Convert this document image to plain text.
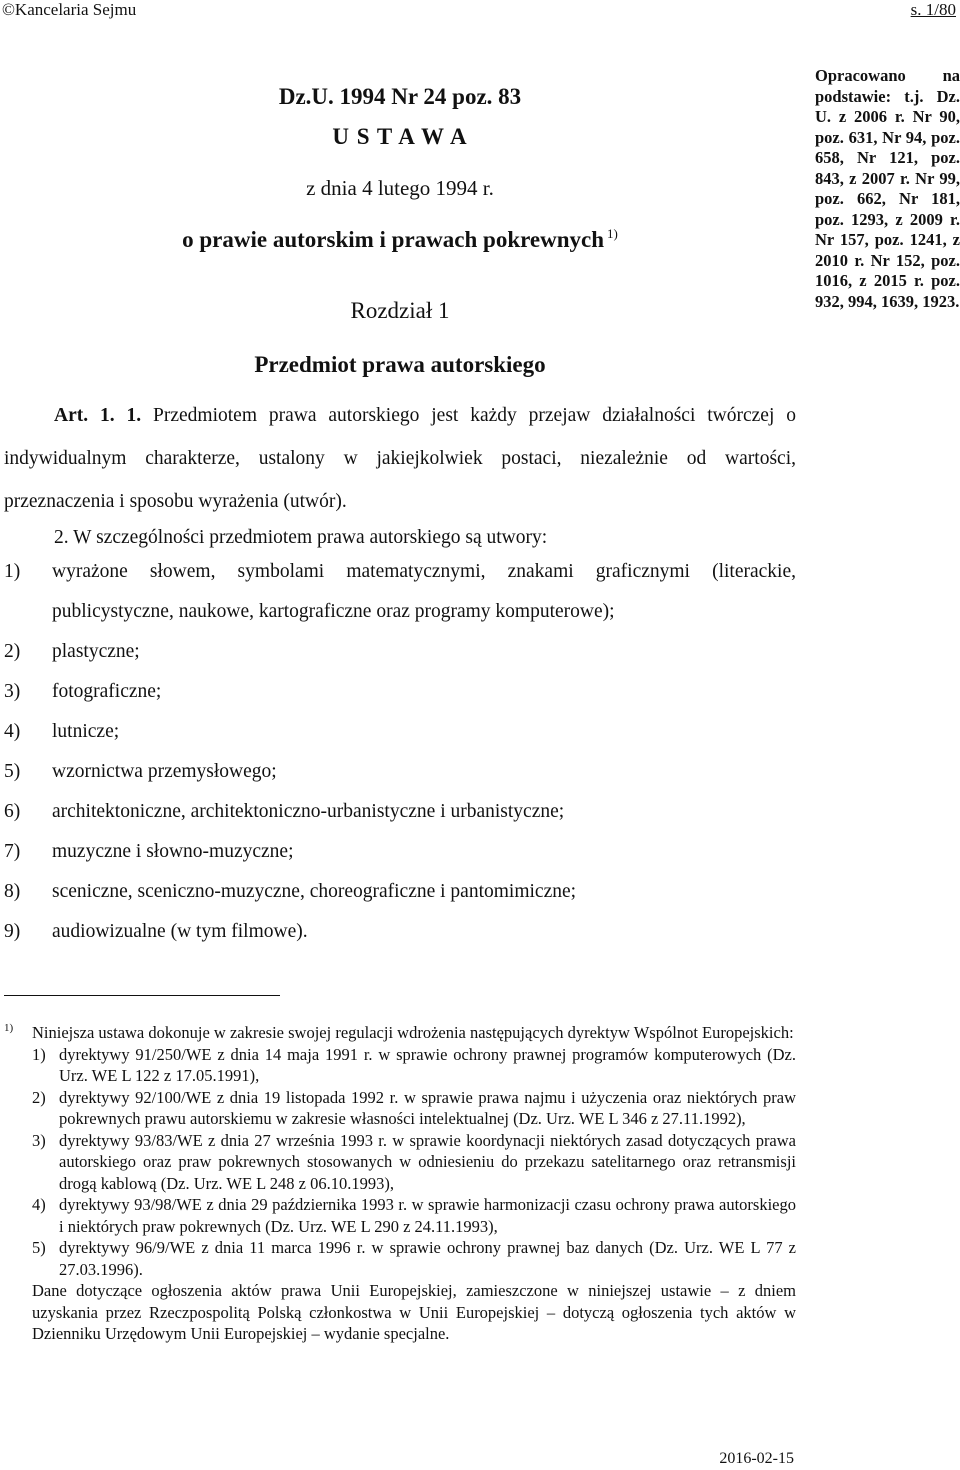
©Kancelaria Sejmu	s. 1/80
Dz.U. 1994 Nr 24 poz. 83
U S T A W A
z dnia 4 lutego 1994 r.
o prawie autorskim i prawach pokrewnych $^{1)}$
Rozdział 1
Przedmiot prawa autorskiego
Opracowano na podstawie: t.j. Dz. U. z 2006 r. Nr 90, poz. 631, Nr 94, poz. 658, Nr 121, poz. 843, z 2007 r. Nr 99, poz. 662, Nr 181, poz. 1293, z 2009 r. Nr 157, poz. 1241, z 2010 r. Nr 152, poz. 1016, z 2015 r. poz. 932, 994, 1639, 1923.
Art. 1. 1. Przedmiotem prawa autorskiego jest każdy przejaw działalności twórczej o indywidualnym charakterze, ustalony w jakiejkolwiek postaci, niezależnie od wartości, przeznaczenia i sposobu wyrażenia (utwór).
2. W szczególności przedmiotem prawa autorskiego są utwory:
1)	wyrażone słowem, symbolami matematycznymi, znakami graficznymi (literackie, publicystyczne, naukowe, kartograficzne oraz programy komputerowe);
2)	plastyczne;
3)	fotograficzne;
4)	lutnicze;
5)	wzornictwa przemysłowego;
6)	architektoniczne, architektoniczno-urbanistyczne i urbanistyczne;
7)	muzyczne i słowno-muzyczne;
8)	sceniczne, sceniczno-muzyczne, choreograficzne i pantomimiczne;
9)	audiowizualne (w tym filmowe).
1) Niniejsza ustawa dokonuje w zakresie swojej regulacji wdrożenia następujących dyrektyw Wspólnot Europejskich:
1) dyrektywy 91/250/WE z dnia 14 maja 1991 r. w sprawie ochrony prawnej programów komputerowych (Dz. Urz. WE L 122 z 17.05.1991),
2) dyrektywy 92/100/WE z dnia 19 listopada 1992 r. w sprawie prawa najmu i użyczenia oraz niektórych praw pokrewnych prawu autorskiemu w zakresie własności intelektualnej (Dz. Urz. WE L 346 z 27.11.1992),
3) dyrektywy 93/83/WE z dnia 27 września 1993 r. w sprawie koordynacji niektórych zasad dotyczących prawa autorskiego oraz praw pokrewnych stosowanych w odniesieniu do przekazu satelitarnego oraz retransmisji drogą kablową (Dz. Urz. WE L 248 z 06.10.1993),
4) dyrektywy 93/98/WE z dnia 29 października 1993 r. w sprawie harmonizacji czasu ochrony prawa autorskiego i niektórych praw pokrewnych (Dz. Urz. WE L 290 z 24.11.1993),
5) dyrektywy 96/9/WE z dnia 11 marca 1996 r. w sprawie ochrony prawnej baz danych (Dz. Urz. WE L 77 z 27.03.1996).
Dane dotyczące ogłoszenia aktów prawa Unii Europejskiej, zamieszczone w niniejszej ustawie – z dniem uzyskania przez Rzeczpospolitą Polską członkostwa w Unii Europejskiej – dotyczą ogłoszenia tych aktów w Dzienniku Urzędowym Unii Europejskiej – wydanie specjalne.
2016-02-15
